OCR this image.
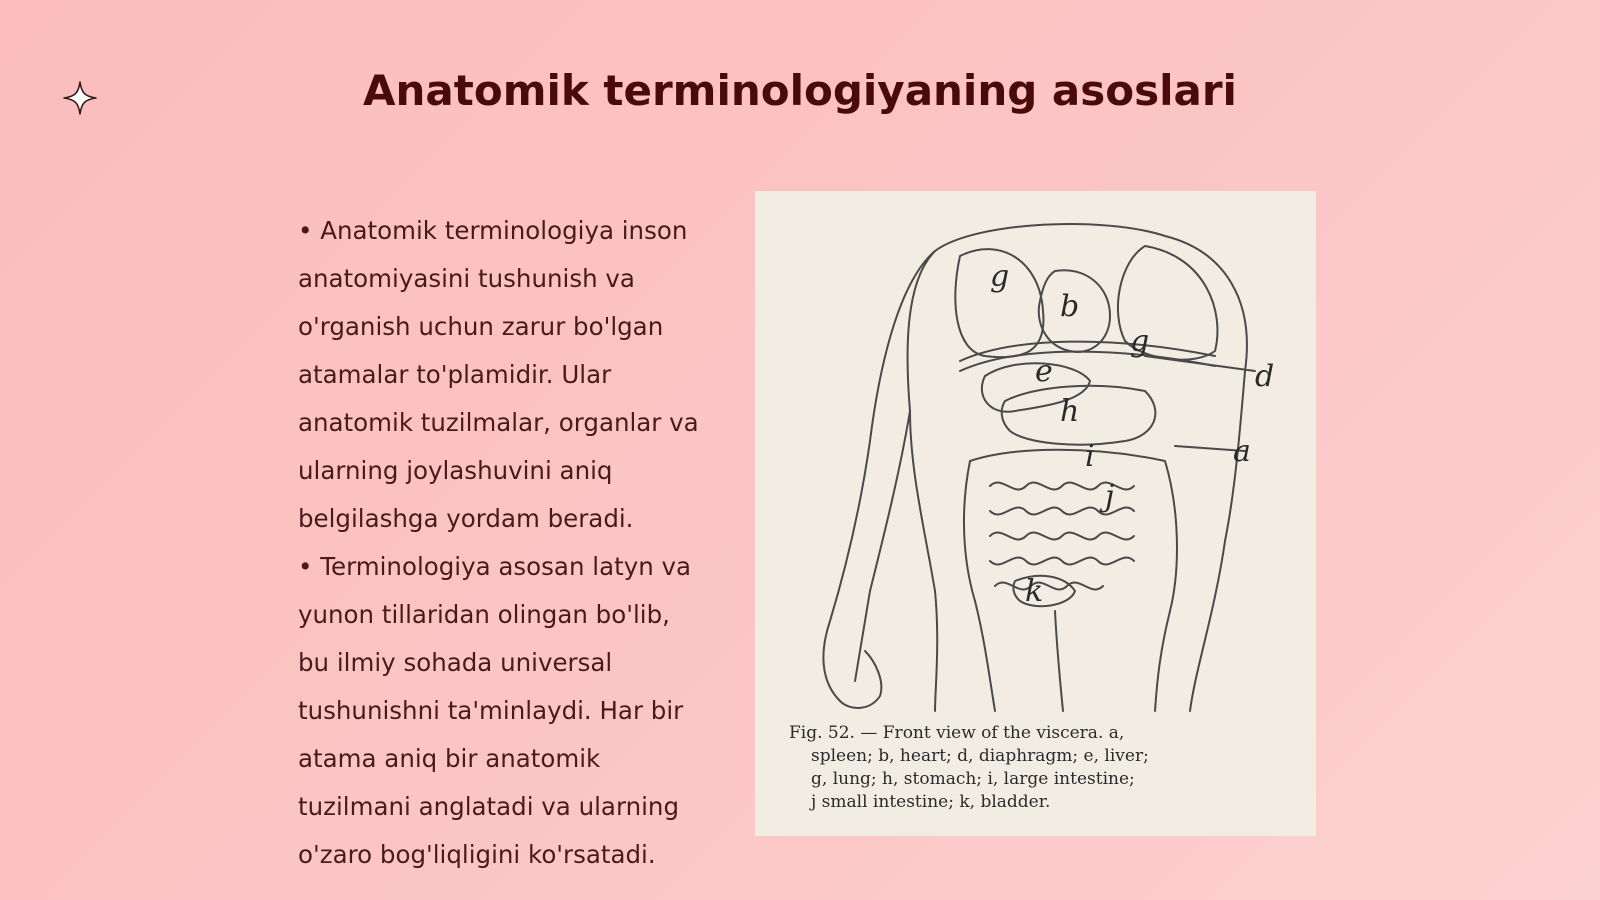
Anatomik terminologiyaning asoslari

• Anatomik terminologiya inson anatomiyasini tushunish va o'rganish uchun zarur bo'lgan atamalar to'plamidir. Ular anatomik tuzilmalar, organlar va ularning joylashuvini aniq belgilashga yordam beradi.

• Terminologiya asosan latyn va yunon tillaridan olingan bo'lib, bu ilmiy sohada universal tushunishni ta'minlaydi. Har bir atama aniq bir anatomik tuzilmani anglatadi va ularning o'zaro bog'liqligini ko'rsatadi.

g
b
g
d
e
h
i	a
j
k
Fig. 52. — Front view of the viscera. a,
spleen; b, heart; d, diaphragm; e, liver;
g, lung; h, stomach; i, large intestine;
j small intestine; k, bladder.
